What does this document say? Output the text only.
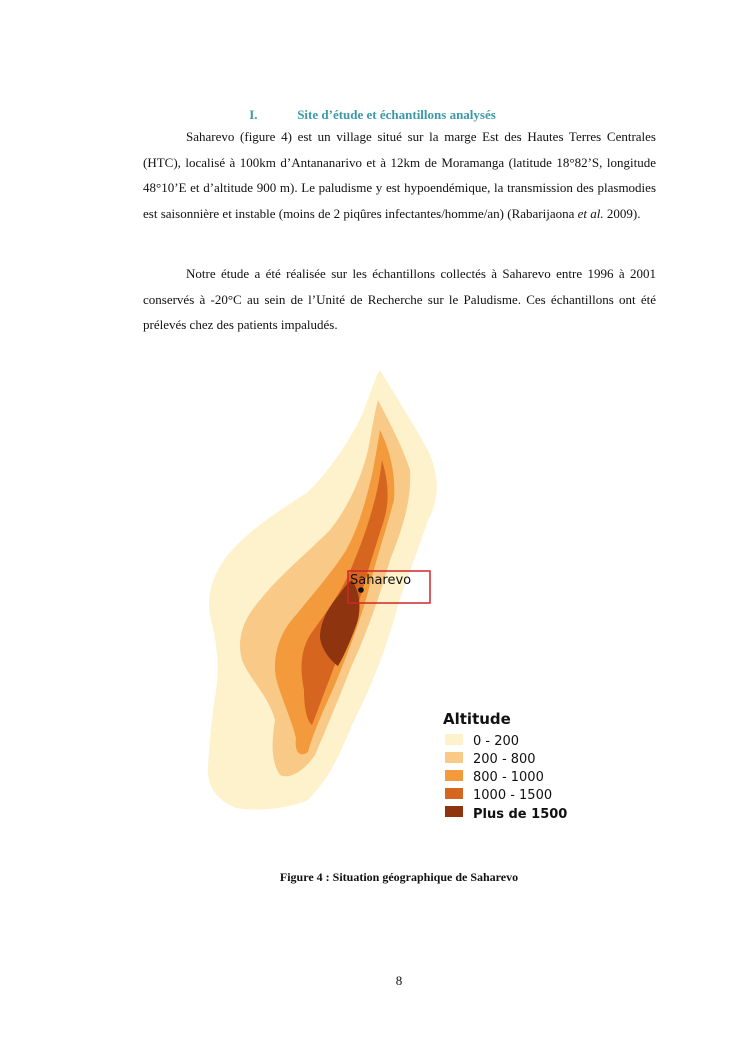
I.	Site d’étude et échantillons analysés

Saharevo (figure 4) est un village situé sur la marge Est des Hautes Terres Centrales (HTC), localisé à 100km d’Antananarivo et à 12km de Moramanga (latitude 18°82’S, longitude 48°10’E et d’altitude 900 m). Le paludisme y est hypoendémique, la transmission des plasmodies est saisonnière et instable (moins de 2 piqûres infectantes/homme/an) (Rabarijaona et al. 2009).

Notre étude a été réalisée sur les échantillons collectés à Saharevo entre 1996 à 2001 conservés à -20°C au sein de l’Unité de Recherche sur le Paludisme. Ces échantillons ont été prélevés chez des patients impaludés.

Saharevo
Altitude
0 - 200
200 - 800
800 - 1000
1000 - 1500
Plus de 1500
Figure 4 : Situation géographique de Saharevo
8
